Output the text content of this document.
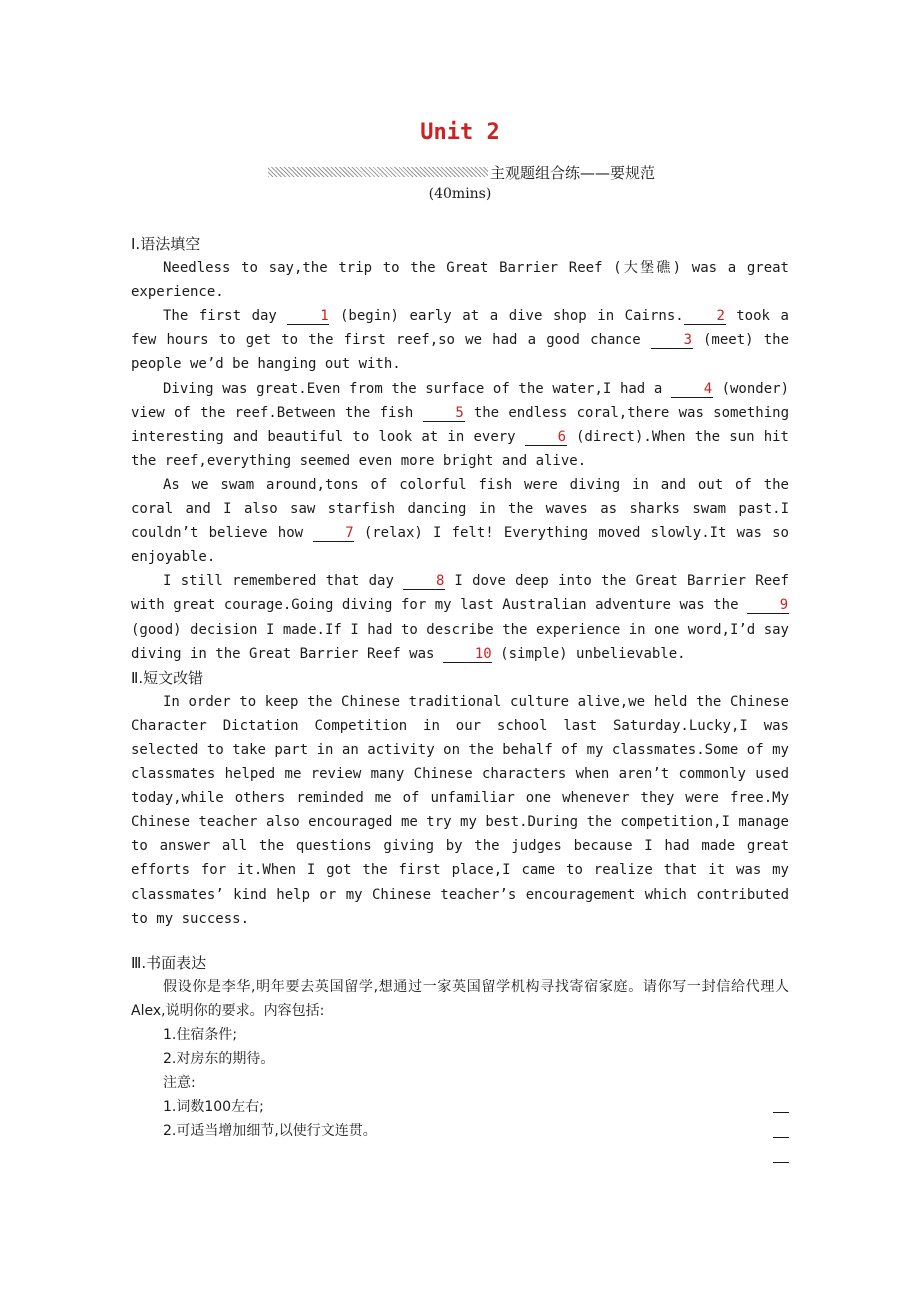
Unit 2
主观题组合练——要规范
(40mins)

Ⅰ.语法填空

Needless to say,the trip to the Great Barrier Reef (大堡礁) was a great experience.

The first day 1 (begin) early at a dive shop in Cairns. 2 took a few hours to get to the first reef,so we had a good chance 3 (meet) the people we’d be hanging out with.

Diving was great.Even from the surface of the water,I had a 4 (wonder) view of the reef.Between the fish 5 the endless coral,there was something interesting and beautiful to look at in every 6 (direct).When the sun hit the reef,everything seemed even more bright and alive.

As we swam around,tons of colorful fish were diving in and out of the coral and I also saw starfish dancing in the waves as sharks swam past.I couldn’t believe how 7 (relax) I felt! Everything moved slowly.It was so enjoyable.

I still remembered that day 8 I dove deep into the Great Barrier Reef with great courage.Going diving for my last Australian adventure was the 9 (good) decision I made.If I had to describe the experience in one word,I’d say diving in the Great Barrier Reef was 10 (simple) unbelievable.

Ⅱ.短文改错

In order to keep the Chinese traditional culture alive,we held the Chinese Character Dictation Competition in our school last Saturday.Lucky,I was selected to take part in an activity on the behalf of my classmates.Some of my classmates helped me review many Chinese characters when aren’t commonly used today,while others reminded me of unfamiliar one whenever they were free.My Chinese teacher also encouraged me try my best.During the competition,I manage to answer all the questions giving by the judges because I had made great efforts for it.When I got the first place,I came to realize that it was my classmates’ kind help or my Chinese teacher’s encouragement which contributed to my success.

Ⅲ.书面表达

假设你是李华,明年要去英国留学,想通过一家英国留学机构寻找寄宿家庭。请你写一封信给代理人Alex,说明你的要求。内容包括:

1.住宿条件;

2.对房东的期待。

注意:

1.词数100左右;

2.可适当增加细节,以使行文连贯。
